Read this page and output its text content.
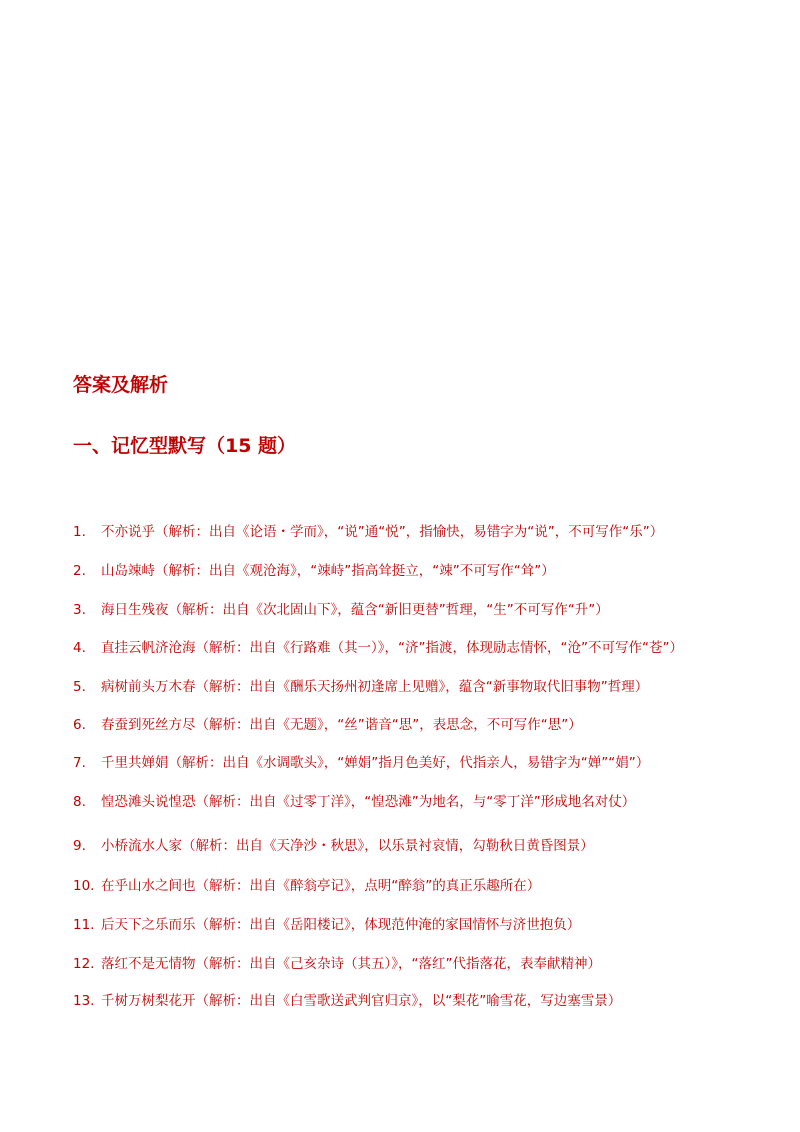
答案及解析
一、记忆型默写（15 题）
1.	不亦说乎（解析：出自《论语・学而》，“说”通“悦”，指愉快，易错字为“说”，不可写作“乐”）
2.	山岛竦峙（解析：出自《观沧海》，“竦峙”指高耸挺立，“竦”不可写作“耸”）
3.	海日生残夜（解析：出自《次北固山下》，蕴含“新旧更替”哲理，“生”不可写作“升”）
4.	直挂云帆济沧海（解析：出自《行路难（其一）》，“济”指渡，体现励志情怀，“沧”不可写作“苍”）
5.	病树前头万木春（解析：出自《酬乐天扬州初逢席上见赠》，蕴含“新事物取代旧事物”哲理）
6.	春蚕到死丝方尽（解析：出自《无题》，“丝”谐音“思”，表思念，不可写作“思”）
7.	千里共婵娟（解析：出自《水调歌头》，“婵娟”指月色美好，代指亲人，易错字为“婵”“娟”）
8.	惶恐滩头说惶恐（解析：出自《过零丁洋》，“惶恐滩”为地名，与“零丁洋”形成地名对仗）
9.	小桥流水人家（解析：出自《天净沙・秋思》，以乐景衬哀情，勾勒秋日黄昏图景）
10. 在乎山水之间也（解析：出自《醉翁亭记》，点明“醉翁”的真正乐趣所在）
11. 后天下之乐而乐（解析：出自《岳阳楼记》，体现范仲淹的家国情怀与济世抱负）
12. 落红不是无情物（解析：出自《己亥杂诗（其五）》，“落红”代指落花，表奉献精神）
13. 千树万树梨花开（解析：出自《白雪歌送武判官归京》，以“梨花”喻雪花，写边塞雪景）
